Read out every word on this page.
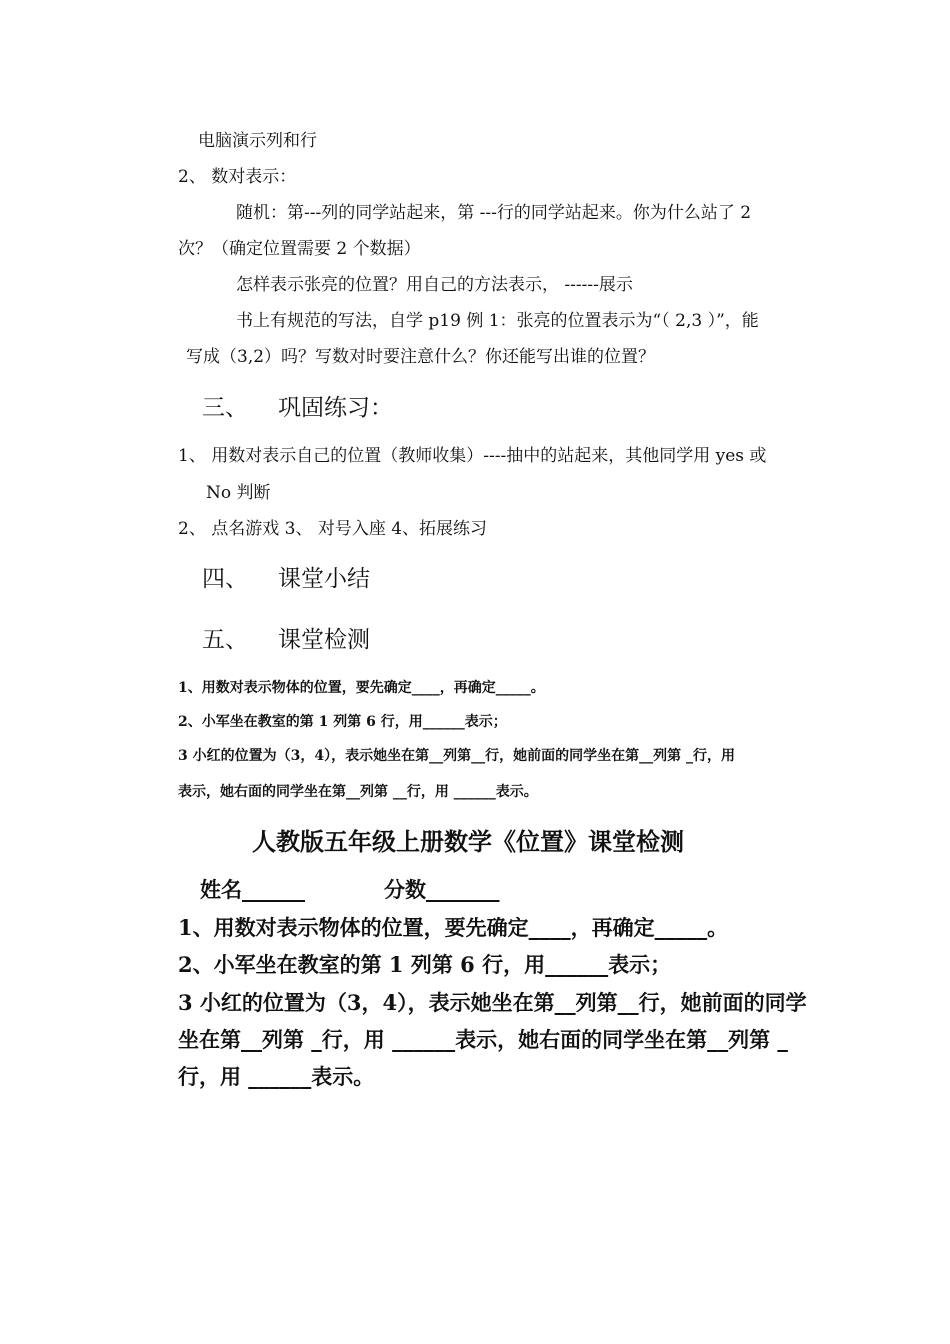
电脑演示列和行
2、 数对表示：
随机：第---列的同学站起来，第 ---行的同学站起来。你为什么站了 2
次？（确定位置需要 2 个数据）
怎样表示张亮的位置？用自己的方法表示， ------展示
书上有规范的写法，自学 p19 例 1：张亮的位置表示为“（ 2,3 ）”，能
写成（3,2）吗？写数对时要注意什么？你还能写出谁的位置？
三、 巩固练习：
1、 用数对表示自己的位置（教师收集）----抽中的站起来，其他同学用 yes 或
No 判断
2、 点名游戏 3、 对号入座 4、拓展练习
四、 课堂小结
五、 课堂检测
1、用数对表示物体的位置，要先确定____，再确定_____。
2、小军坐在教室的第 1 列第 6 行，用______表示；
3 小红的位置为（3，4），表示她坐在第__列第__行，她前面的同学坐在第__列第 _行，用
表示，她右面的同学坐在第__列第 __行，用 ______表示。
人教版五年级上册数学《位置》课堂检测
姓名______	分数_______
1、用数对表示物体的位置，要先确定____，再确定_____。
2、小军坐在教室的第 1 列第 6 行，用______表示；
3 小红的位置为（3，4），表示她坐在第__列第__行，她前面的同学
坐在第__列第 _行，用 ______表示，她右面的同学坐在第__列第 _
行，用 ______表示。
